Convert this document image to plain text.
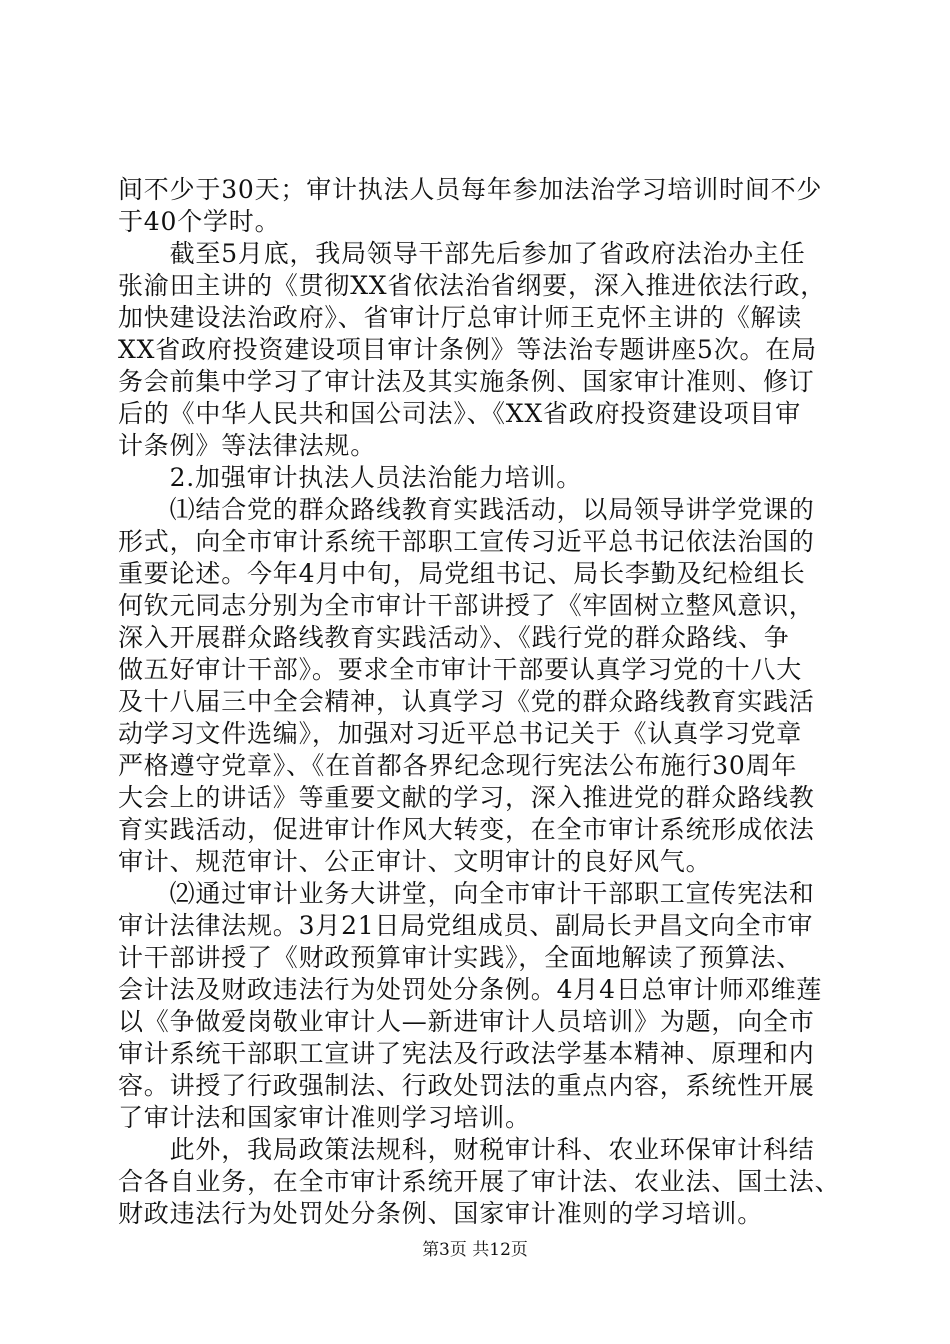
间不少于30天；审计执法人员每年参加法治学习培训时间不少
于40个学时。
　　截至5月底，我局领导干部先后参加了省政府法治办主任
张渝田主讲的《贯彻XX省依法治省纲要，深入推进依法行政，
加快建设法治政府》、省审计厅总审计师王克怀主讲的《解读
XX省政府投资建设项目审计条例》等法治专题讲座5次。在局
务会前集中学习了审计法及其实施条例、国家审计准则、修订
后的《中华人民共和国公司法》、《XX省政府投资建设项目审
计条例》等法律法规。
　　2.加强审计执法人员法治能力培训。
　　⑴结合党的群众路线教育实践活动，以局领导讲学党课的
形式，向全市审计系统干部职工宣传习近平总书记依法治国的
重要论述。今年4月中旬，局党组书记、局长李勤及纪检组长
何钦元同志分别为全市审计干部讲授了《牢固树立整风意识，
深入开展群众路线教育实践活动》、《践行党的群众路线、争
做五好审计干部》。要求全市审计干部要认真学习党的十八大
及十八届三中全会精神，认真学习《党的群众路线教育实践活
动学习文件选编》，加强对习近平总书记关于《认真学习党章
严格遵守党章》、《在首都各界纪念现行宪法公布施行30周年
大会上的讲话》等重要文献的学习，深入推进党的群众路线教
育实践活动，促进审计作风大转变，在全市审计系统形成依法
审计、规范审计、公正审计、文明审计的良好风气。
　　⑵通过审计业务大讲堂，向全市审计干部职工宣传宪法和
审计法律法规。3月21日局党组成员、副局长尹昌文向全市审
计干部讲授了《财政预算审计实践》，全面地解读了预算法、
会计法及财政违法行为处罚处分条例。4月4日总审计师邓维莲
以《争做爱岗敬业审计人—新进审计人员培训》为题，向全市
审计系统干部职工宣讲了宪法及行政法学基本精神、原理和内
容。讲授了行政强制法、行政处罚法的重点内容，系统性开展
了审计法和国家审计准则学习培训。
　　此外，我局政策法规科，财税审计科、农业环保审计科结
合各自业务，在全市审计系统开展了审计法、农业法、国土法、
财政违法行为处罚处分条例、国家审计准则的学习培训。
第3页 共12页
